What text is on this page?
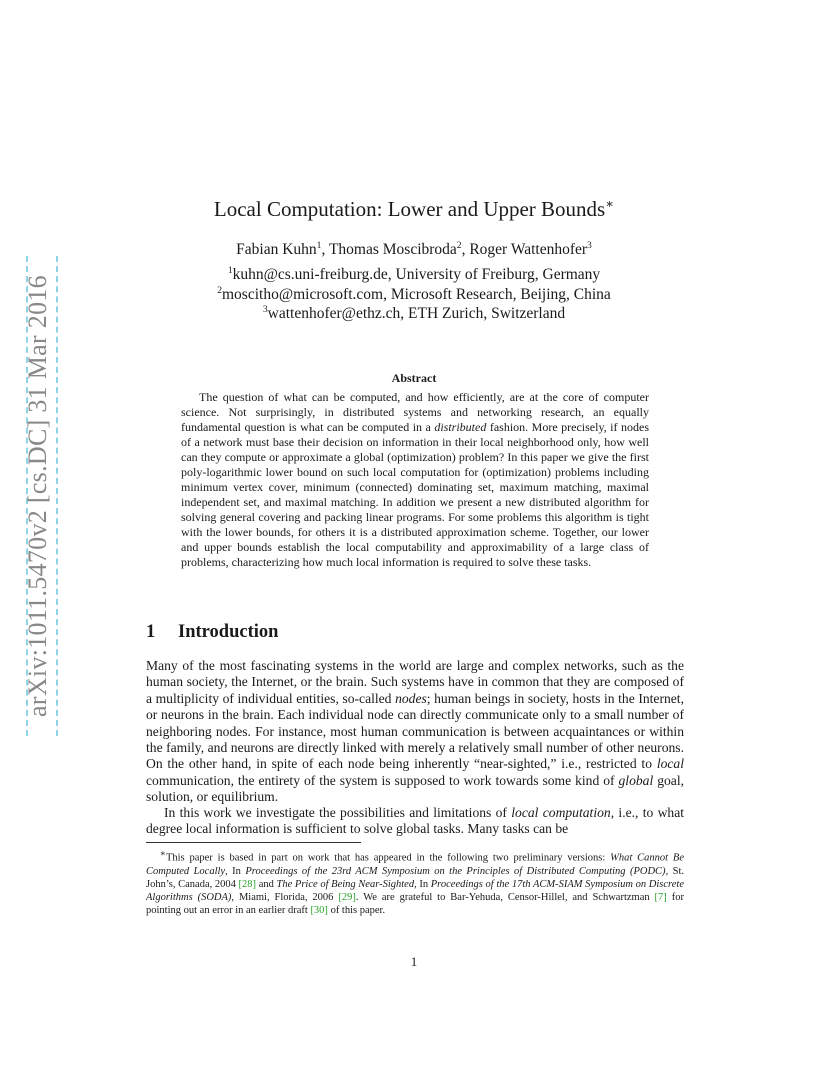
arXiv:1011.5470v2 [cs.DC] 31 Mar 2016
Local Computation: Lower and Upper Bounds∗
Fabian Kuhn$^1$, Thomas Moscibroda$^2$, Roger Wattenhofer$^3$
$^1$kuhn@cs.uni-freiburg.de, University of Freiburg, Germany
$^2$moscitho@microsoft.com, Microsoft Research, Beijing, China
$^3$wattenhofer@ethz.ch, ETH Zurich, Switzerland
Abstract

The question of what can be computed, and how efficiently, are at the core of computer science. Not surprisingly, in distributed systems and networking research, an equally fundamental question is what can be computed in a distributed fashion. More precisely, if nodes of a network must base their decision on information in their local neighborhood only, how well can they compute or approximate a global (optimization) problem? In this paper we give the first poly-logarithmic lower bound on such local computation for (optimization) problems including minimum vertex cover, minimum (connected) dominating set, maximum matching, maximal independent set, and maximal matching. In addition we present a new distributed algorithm for solving general covering and packing linear programs. For some problems this algorithm is tight with the lower bounds, for others it is a distributed approximation scheme. Together, our lower and upper bounds establish the local computability and approximability of a large class of problems, characterizing how much local information is required to solve these tasks.

1 Introduction

Many of the most fascinating systems in the world are large and complex networks, such as the human society, the Internet, or the brain. Such systems have in common that they are composed of a multiplicity of individual entities, so-called nodes; human beings in society, hosts in the Internet, or neurons in the brain. Each individual node can directly communicate only to a small number of neighboring nodes. For instance, most human communication is between acquaintances or within the family, and neurons are directly linked with merely a relatively small number of other neurons. On the other hand, in spite of each node being inherently “near-sighted,” i.e., restricted to local communication, the entirety of the system is supposed to work towards some kind of global goal, solution, or equilibrium.

In this work we investigate the possibilities and limitations of local computation, i.e., to what degree local information is sufficient to solve global tasks. Many tasks can be

∗This paper is based in part on work that has appeared in the following two preliminary versions: What Cannot Be Computed Locally, In Proceedings of the 23rd ACM Symposium on the Principles of Distributed Computing (PODC), St. John’s, Canada, 2004 [28] and The Price of Being Near-Sighted, In Proceedings of the 17th ACM-SIAM Symposium on Discrete Algorithms (SODA), Miami, Florida, 2006 [29]. We are grateful to Bar-Yehuda, Censor-Hillel, and Schwartzman [7] for pointing out an error in an earlier draft [30] of this paper.

1
